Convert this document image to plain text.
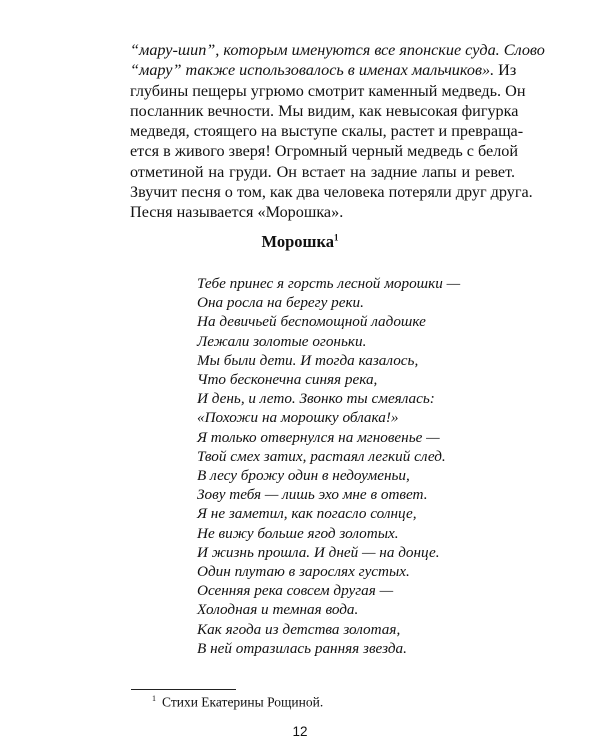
“мару-шип”, которым именуются все японские суда. Слово
“мару” также использовалось в именах мальчиков». Из
глубины пещеры угрюмо смотрит каменный медведь. Он
посланник вечности. Мы видим, как невысокая фигурка
медведя, стоящего на выступе скалы, растет и превраща-
ется в живого зверя! Огромный черный медведь с белой
отметиной на груди. Он встает на задние лапы и ревет.
Звучит песня о том, как два человека потеряли друг друга.
Песня называется «Морошка».
Морошка$^1$
Тебе принес я горсть лесной морошки —
Она росла на берегу реки.
На девичьей беспомощной ладошке
Лежали золотые огоньки.
Мы были дети. И тогда казалось,
Что бесконечна синяя река,
И день, и лето. Звонко ты смеялась:
«Похожи на морошку облака!»
Я только отвернулся на мгновенье —
Твой смех затих, растаял легкий след.
В лесу брожу один в недоуменьи,
Зову тебя — лишь эхо мне в ответ.
Я не заметил, как погасло солнце,
Не вижу больше ягод золотых.
И жизнь прошла. И дней — на донце.
Один плутаю в зарослях густых.
Осенняя река совсем другая —
Холодная и темная вода.
Как ягода из детства золотая,
В ней отразилась ранняя звезда.
$^1$ Стихи Екатерины Рощиной.
12
